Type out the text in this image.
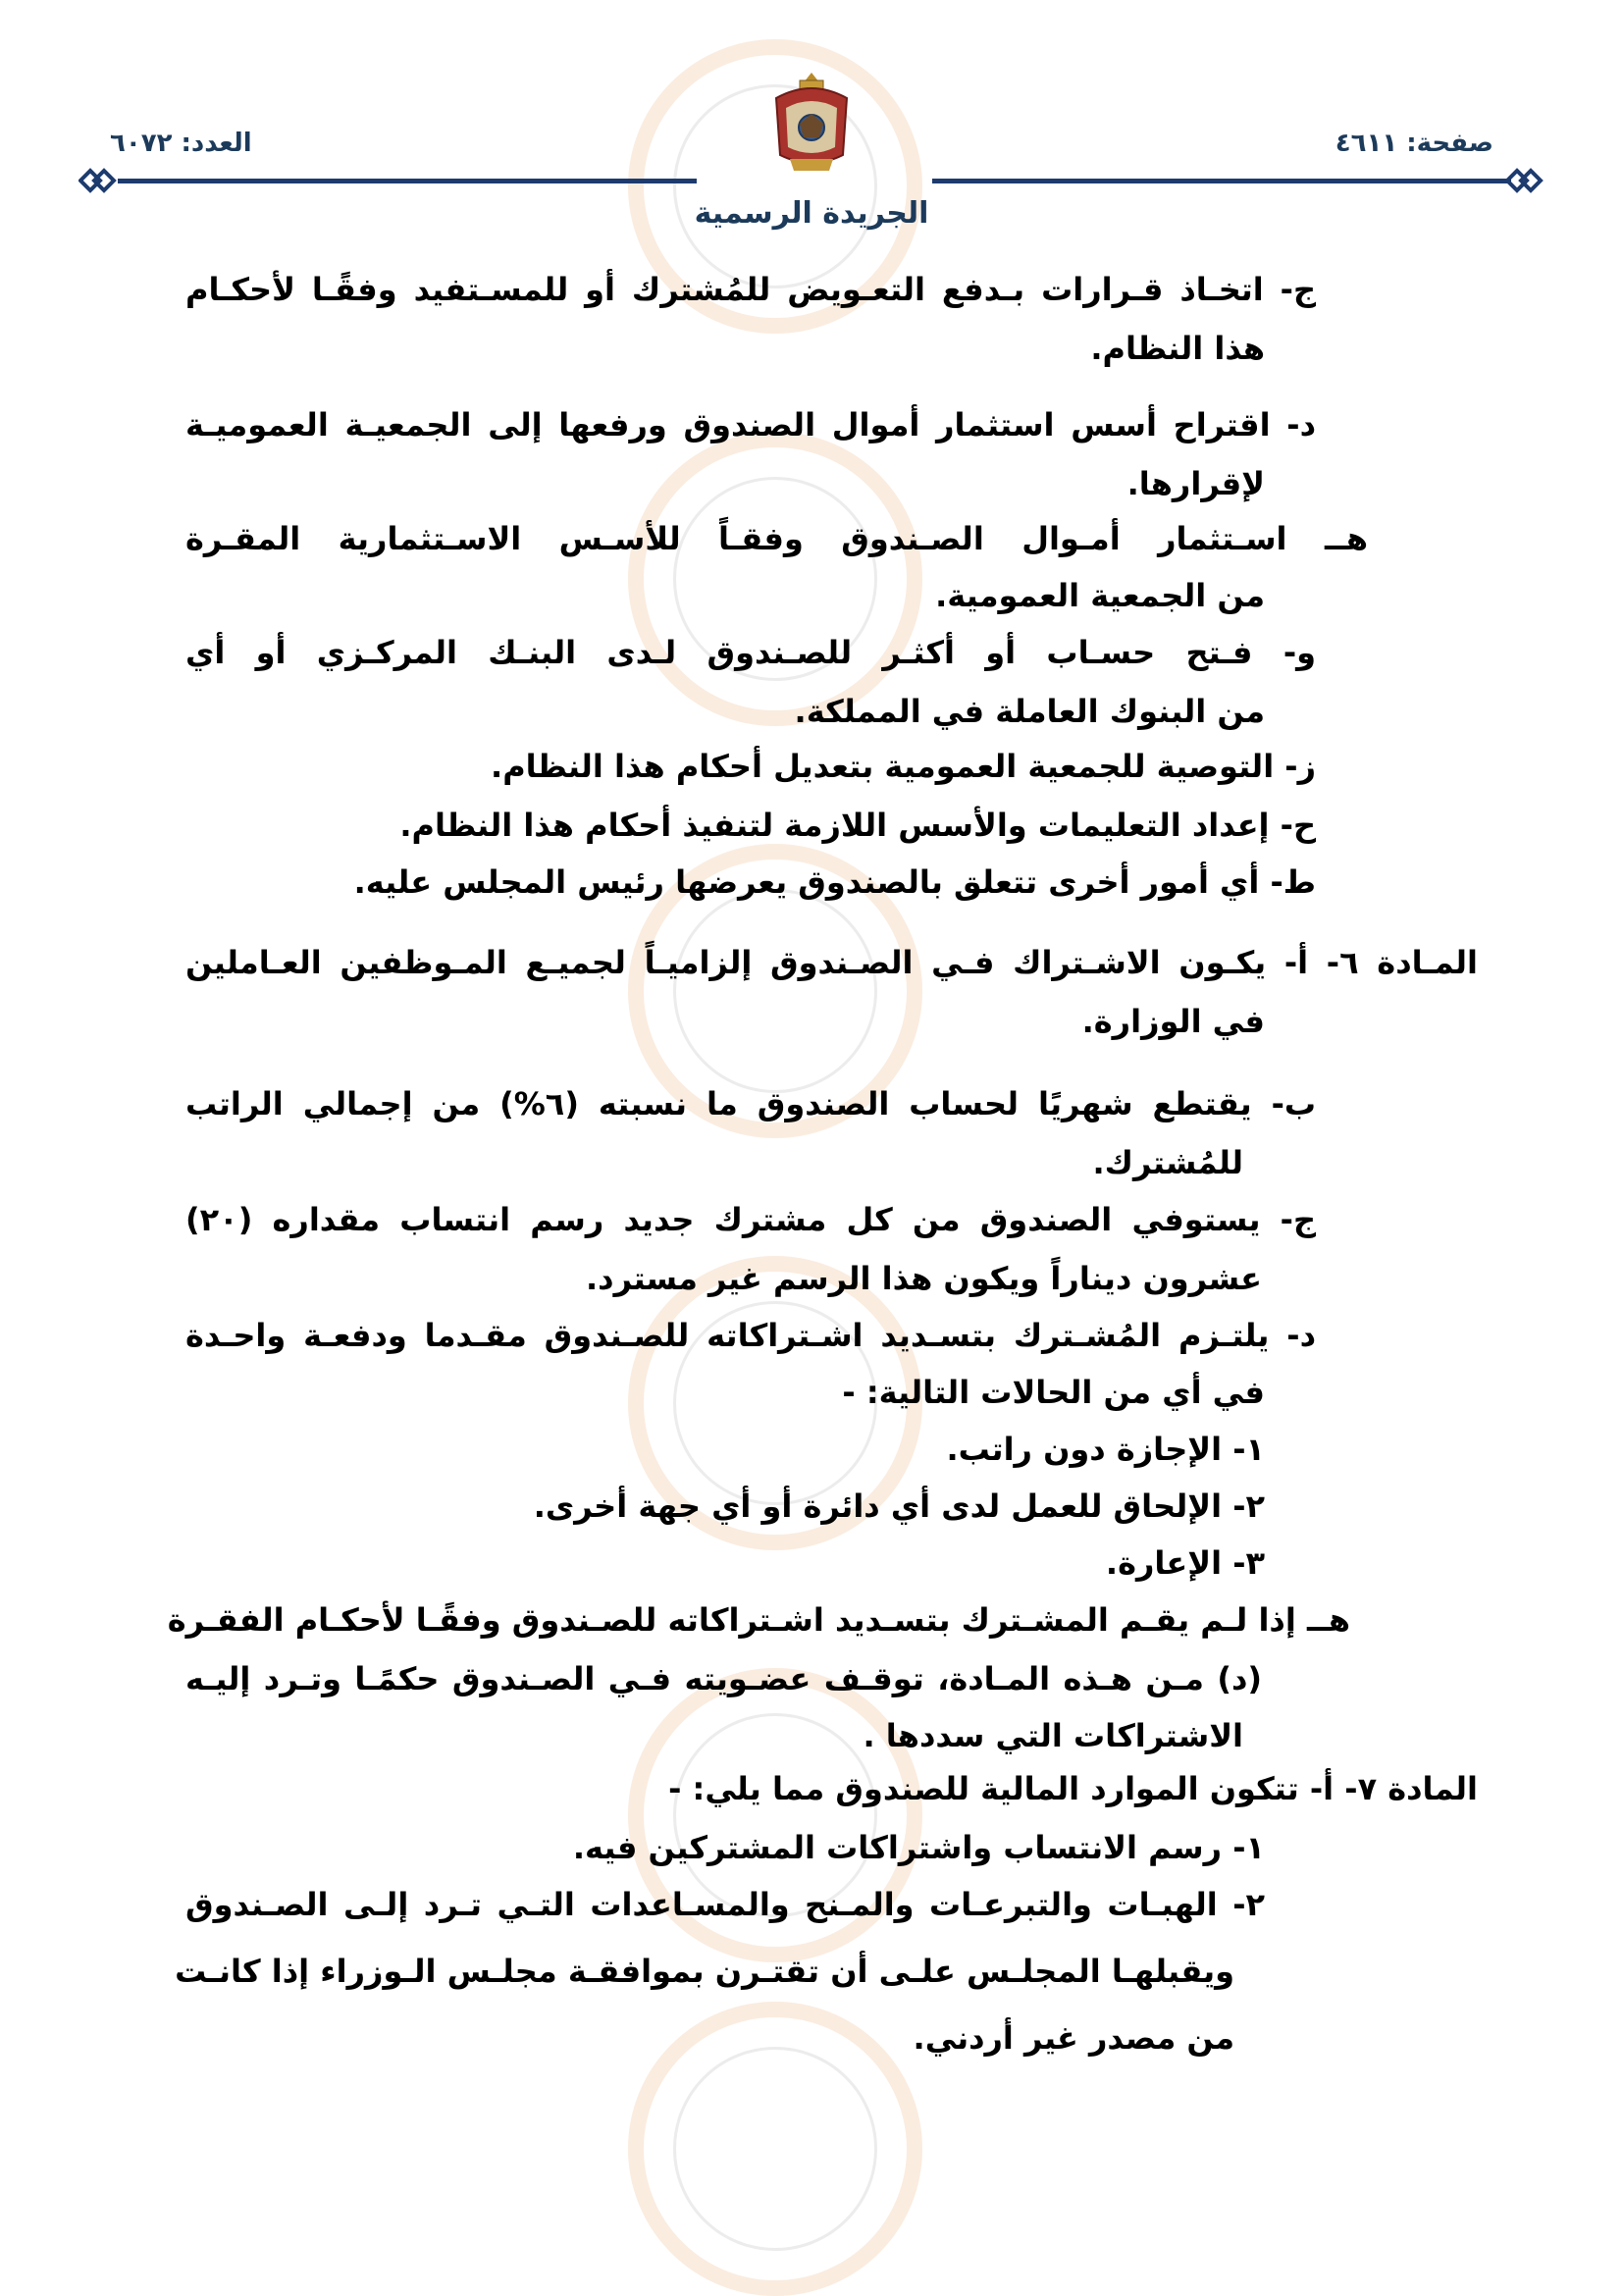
صفحة: ٤٦١١
العدد: ٦٠٧٢
الجريدة الرسمية
ج- اتخـاذ قـرارات بـدفع التعـويض للمُشترك أو للمسـتفيد وفقًـا لأحكـام
هذا النظام.
د- اقتراح أسس استثمار أموال الصندوق ورفعها إلى الجمعيـة العموميـة
لإقرارها.
هــ اسـتثمار أمـوال الصـندوق وفقـاً للأسـس الاسـتثمارية المقـرة
من الجمعية العمومية.
و- فـتح حسـاب أو أكثـر للصـندوق لـدى البنـك المركـزي أو أي
من البنوك العاملة في المملكة.
ز- التوصية للجمعية العمومية بتعديل أحكام هذا النظام.
ح- إعداد التعليمات والأسس اللازمة لتنفيذ أحكام هذا النظام.
ط- أي أمور أخرى تتعلق بالصندوق يعرضها رئيس المجلس عليه.
المـادة ٦- أ- يكـون الاشـتراك فـي الصـندوق إلزاميـاً لجميـع المـوظفين العـاملين
في الوزارة.
ب- يقتطع شهريًا لحساب الصندوق ما نسبته (٦%) من إجمالي الراتب
للمُشترك.
ج- يستوفي الصندوق من كل مشترك جديد رسم انتساب مقداره (٢٠)
عشرون ديناراً ويكون هذا الرسم غير مسترد.
د- يلتـزم المُشـترك بتسـديد اشـتراكاته للصـندوق مقـدما ودفعـة واحـدة
في أي من الحالات التالية: -
١- الإجازة دون راتب.
٢- الإلحاق للعمل لدى أي دائرة أو أي جهة أخرى.
٣- الإعارة.
هــ إذا لـم يقـم المشـترك بتسـديد اشـتراكاته للصـندوق وفقًـا لأحكـام الفقـرة
(د) مـن هـذه المـادة، توقـف عضـويته فـي الصـندوق حكمًـا وتـرد إليـه
الاشتراكات التي سددها .
المادة ٧- أ- تتكون الموارد المالية للصندوق مما يلي: -
١- رسم الانتساب واشتراكات المشتركين فيه.
٢- الهبـات والتبرعـات والمـنح والمسـاعدات التـي تـرد إلـى الصـندوق
ويقبلهـا المجلـس علـى أن تقتـرن بموافقـة مجلـس الـوزراء إذا كانـت
من مصدر غير أردني.
